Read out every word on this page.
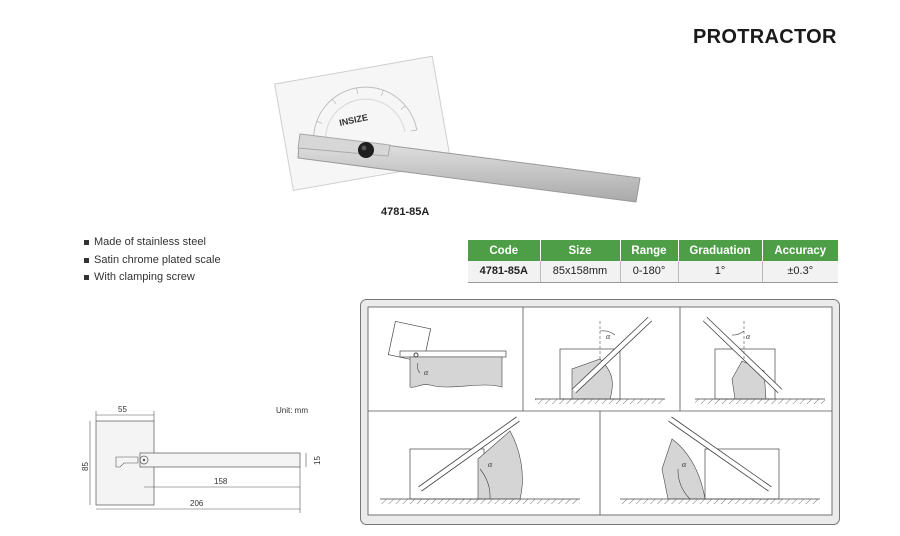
PROTRACTOR
INSIZE
4781-85A
Made of stainless steel
Satin chrome plated scale
With clamping screw
Code	Size	Range	Graduation	Accuracy
4781-85A	85x158mm	0-180°	1°	±0.3°
Unit: mm
55
85
15
158
206
α
α	α
α	α
